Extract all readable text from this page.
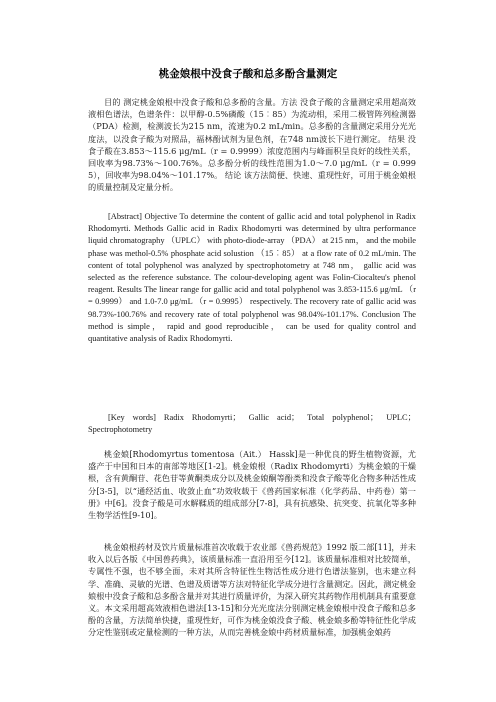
桃金娘根中没食子酸和总多酚含量测定
目的 测定桃金娘根中没食子酸和总多酚的含量。方法 没食子酸的含量测定采用超高效液相色谱法，色谱条件：以甲醇-0.5%磷酸（15︰85）为流动相，采用二极管阵列检测器（PDA）检测，检测波长为215 nm，流速为0.2 mL/min。总多酚的含量测定采用分光光度法，以没食子酸为对照品，福林酚试剂为显色剂，在748 nm波长下进行测定。 结果 没食子酸在3.853～115.6 μg/mL（r = 0.9999）浓度范围内与峰面积呈良好的线性关系，回收率为98.73%～100.76%。总多酚分析的线性范围为1.0～7.0 μg/mL（r = 0.9995），回收率为98.04%～101.17%。 结论 该方法简便、快速、重现性好，可用于桃金娘根的质量控制及定量分析。
[Abstract] Objective To determine the content of gallic acid and total polyphenol in Radix Rhodomyrti. Methods Gallic acid in Radix Rhodomyrti was determined by ultra performance liquid chromatography （UPLC） with photo-diode-array （PDA） at 215 nm， and the mobile phase was methol-0.5% phosphate acid solustion （15︰85） at a flow rate of 0.2 mL/min. The content of total polyphenol was analyzed by spectrophotometry at 748 nm， gallic acid was selected as the reference substance. The colour-developing agent was Folin-Ciocalteu's phenol reagent. Results The linear range for gallic acid and total polyphenol was 3.853-115.6 μg/mL （r = 0.9999） and 1.0-7.0 μg/mL （r = 0.9995） respectively. The recovery rate of gallic acid was 98.73%-100.76% and recovery rate of total polyphenol was 98.04%-101.17%. Conclusion The method is simple， rapid and good reproducible， can be used for quality control and quantitative analysis of Radix Rhodomyrti.
[Key words] Radix Rhodomyrti； Gallic acid； Total polyphenol； UPLC； Spectrophotometry
桃金娘[Rhodomyrtus tomentosa（Ait.） Hassk]是一种优良的野生植物资源，尤盛产于中国和日本的南部等地区[1-2]。桃金娘根（Radix Rhodomyrti）为桃金娘的干燥根，含有黄酮苷、花色苷等黄酮类成分以及桃金娘酮等酚类和没食子酸等化合物多种活性成分[3-5]，以“通经活血、收敛止血”功效收载于《兽药国家标准（化学药品、中药卷）第一册》中[6]。没食子酸是可水解鞣质的组成部分[7-8]，具有抗感染、抗突变、抗氧化等多种生物学活性[9-10]。
桃金娘根药材及饮片质量标准首次收载于农业部《兽药规范》1992 版二部[11]，并未收入以后各版《中国兽药典》，该质量标准一直沿用至今[12]。该质量标准相对比较简单，专属性不强，也不够全面，未对其所含特征性生物活性成分进行色谱法鉴别，也未建立科学、准确、灵敏的光谱、色谱及质谱等方法对特征化学成分进行含量测定。因此，测定桃金娘根中没食子酸和总多酚含量并对其进行质量评价，为深入研究其药物作用机制具有重要意义。本文采用超高效液相色谱法[13-15]和分光光度法分别测定桃金娘根中没食子酸和总多酚的含量，方法简单快捷，重现性好，可作为桃金娘没食子酸、桃金娘多酚等特征性化学成分定性鉴别或定量检测的一种方法，从而完善桃金娘中药材质量标准，加强桃金娘药
